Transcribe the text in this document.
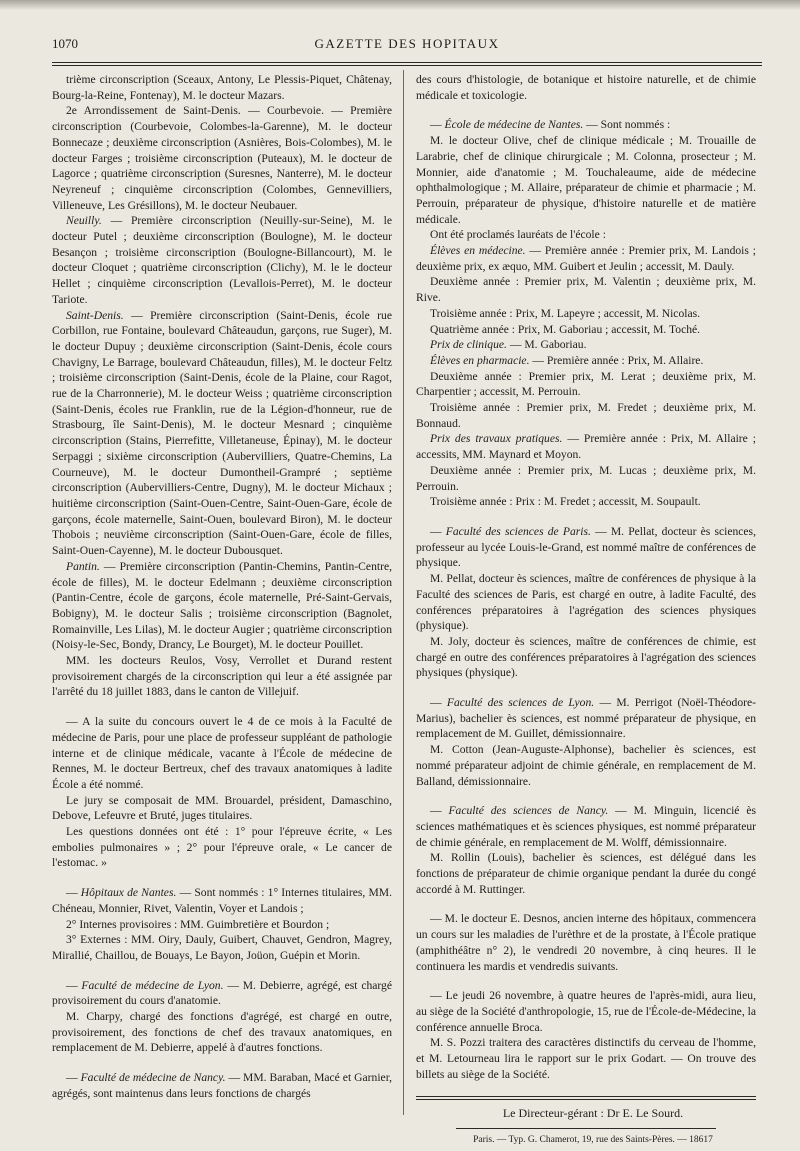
1070	GAZETTE DES HOPITAUX

trième circonscription (Sceaux, Antony, Le Plessis-Piquet, Châtenay, Bourg-la-Reine, Fontenay), M. le docteur Mazars.

2e Arrondissement de Saint-Denis. — Courbevoie. — Première circonscription (Courbevoie, Colombes-la-Garenne), M. le docteur Bonnecaze ; deuxième circonscription (Asnières, Bois-Colombes), M. le docteur Farges ; troisième circonscription (Puteaux), M. le docteur de Lagorce ; quatrième circonscription (Suresnes, Nanterre), M. le docteur Neyreneuf ; cinquième circonscription (Colombes, Gennevilliers, Villeneuve, Les Grésillons), M. le docteur Neubauer.

Neuilly. — Première circonscription (Neuilly-sur-Seine), M. le docteur Putel ; deuxième circonscription (Boulogne), M. le docteur Besançon ; troisième circonscription (Boulogne-Billancourt), M. le docteur Cloquet ; quatrième circonscription (Clichy), M. le le docteur Hellet ; cinquième circonscription (Levallois-Perret), M. le docteur Tariote.

Saint-Denis. — Première circonscription (Saint-Denis, école rue Corbillon, rue Fontaine, boulevard Châteaudun, garçons, rue Suger), M. le docteur Dupuy ; deuxième circonscription (Saint-Denis, école cours Chavigny, Le Barrage, boulevard Châteaudun, filles), M. le docteur Feltz ; troisième circonscription (Saint-Denis, école de la Plaine, cour Ragot, rue de la Charronnerie), M. le docteur Weiss ; quatrième circonscription (Saint-Denis, écoles rue Franklin, rue de la Légion-d'honneur, rue de Strasbourg, île Saint-Denis), M. le docteur Mesnard ; cinquième circonscription (Stains, Pierrefitte, Villetaneuse, Épinay), M. le docteur Serpaggi ; sixième circonscription (Aubervilliers, Quatre-Chemins, La Courneuve), M. le docteur Dumontheil-Grampré ; septième circonscription (Aubervilliers-Centre, Dugny), M. le docteur Michaux ; huitième circonscription (Saint-Ouen-Centre, Saint-Ouen-Gare, école de garçons, école maternelle, Saint-Ouen, boulevard Biron), M. le docteur Thobois ; neuvième circonscription (Saint-Ouen-Gare, école de filles, Saint-Ouen-Cayenne), M. le docteur Dubousquet.

Pantin. — Première circonscription (Pantin-Chemins, Pantin-Centre, école de filles), M. le docteur Edelmann ; deuxième circonscription (Pantin-Centre, école de garçons, école maternelle, Pré-Saint-Gervais, Bobigny), M. le docteur Salis ; troisième circonscription (Bagnolet, Romainville, Les Lilas), M. le docteur Augier ; quatrième circonscription (Noisy-le-Sec, Bondy, Drancy, Le Bourget), M. le docteur Pouillet.

MM. les docteurs Reulos, Vosy, Verrollet et Durand restent provisoirement chargés de la circonscription qui leur a été assignée par l'arrêté du 18 juillet 1883, dans le canton de Villejuif.

— A la suite du concours ouvert le 4 de ce mois à la Faculté de médecine de Paris, pour une place de professeur suppléant de pathologie interne et de clinique médicale, vacante à l'École de médecine de Rennes, M. le docteur Bertreux, chef des travaux anatomiques à ladite École a été nommé.

Le jury se composait de MM. Brouardel, président, Damaschino, Debove, Lefeuvre et Bruté, juges titulaires.

Les questions données ont été : 1° pour l'épreuve écrite, « Les embolies pulmonaires » ; 2° pour l'épreuve orale, « Le cancer de l'estomac. »

— Hôpitaux de Nantes. — Sont nommés : 1° Internes titulaires, MM. Chéneau, Monnier, Rivet, Valentin, Voyer et Landois ;

2° Internes provisoires : MM. Guimbretière et Bourdon ;

3° Externes : MM. Oiry, Dauly, Guibert, Chauvet, Gendron, Magrey, Mirallié, Chaillou, de Bouays, Le Bayon, Joüon, Guépin et Morin.

— Faculté de médecine de Lyon. — M. Debierre, agrégé, est chargé provisoirement du cours d'anatomie.

M. Charpy, chargé des fonctions d'agrégé, est chargé en outre, provisoirement, des fonctions de chef des travaux anatomiques, en remplacement de M. Debierre, appelé à d'autres fonctions.

— Faculté de médecine de Nancy. — MM. Baraban, Macé et Garnier, agrégés, sont maintenus dans leurs fonctions de chargés

des cours d'histologie, de botanique et histoire naturelle, et de chimie médicale et toxicologie.

— École de médecine de Nantes. — Sont nommés :

M. le docteur Olive, chef de clinique médicale ; M. Trouaille de Larabrie, chef de clinique chirurgicale ; M. Colonna, prosecteur ; M. Monnier, aide d'anatomie ; M. Touchaleaume, aide de médecine ophthalmologique ; M. Allaire, préparateur de chimie et pharmacie ; M. Perrouin, préparateur de physique, d'histoire naturelle et de matière médicale.

Ont été proclamés lauréats de l'école :

Élèves en médecine. — Première année : Premier prix, M. Landois ; deuxième prix, ex æquo, MM. Guibert et Jeulin ; accessit, M. Dauly.

Deuxième année : Premier prix, M. Valentin ; deuxième prix, M. Rive.

Troisième année : Prix, M. Lapeyre ; accessit, M. Nicolas.

Quatrième année : Prix, M. Gaboriau ; accessit, M. Toché.

Prix de clinique. — M. Gaboriau.

Élèves en pharmacie. — Première année : Prix, M. Allaire.

Deuxième année : Premier prix, M. Lerat ; deuxième prix, M. Charpentier ; accessit, M. Perrouin.

Troisième année : Premier prix, M. Fredet ; deuxième prix, M. Bonnaud.

Prix des travaux pratiques. — Première année : Prix, M. Allaire ; accessits, MM. Maynard et Moyon.

Deuxième année : Premier prix, M. Lucas ; deuxième prix, M. Perrouin.

Troisième année : Prix : M. Fredet ; accessit, M. Soupault.

— Faculté des sciences de Paris. — M. Pellat, docteur ès sciences, professeur au lycée Louis-le-Grand, est nommé maître de conférences de physique.

M. Pellat, docteur ès sciences, maître de conférences de physique à la Faculté des sciences de Paris, est chargé en outre, à ladite Faculté, des conférences préparatoires à l'agrégation des sciences physiques (physique).

M. Joly, docteur ès sciences, maître de conférences de chimie, est chargé en outre des conférences préparatoires à l'agrégation des sciences physiques (physique).

— Faculté des sciences de Lyon. — M. Perrigot (Noël-Théodore-Marius), bachelier ès sciences, est nommé préparateur de physique, en remplacement de M. Guillet, démissionnaire.

M. Cotton (Jean-Auguste-Alphonse), bachelier ès sciences, est nommé préparateur adjoint de chimie générale, en remplacement de M. Balland, démissionnaire.

— Faculté des sciences de Nancy. — M. Minguin, licencié ès sciences mathématiques et ès sciences physiques, est nommé préparateur de chimie générale, en remplacement de M. Wolff, démissionnaire.

M. Rollin (Louis), bachelier ès sciences, est délégué dans les fonctions de préparateur de chimie organique pendant la durée du congé accordé à M. Ruttinger.

— M. le docteur E. Desnos, ancien interne des hôpitaux, commencera un cours sur les maladies de l'urèthre et de la prostate, à l'École pratique (amphithéâtre n° 2), le vendredi 20 novembre, à cinq heures. Il le continuera les mardis et vendredis suivants.

— Le jeudi 26 novembre, à quatre heures de l'après-midi, aura lieu, au siège de la Société d'anthropologie, 15, rue de l'École-de-Médecine, la conférence annuelle Broca.

M. S. Pozzi traitera des caractères distinctifs du cerveau de l'homme, et M. Letourneau lira le rapport sur le prix Godart. — On trouve des billets au siège de la Société.

Le Directeur-gérant : Dr E. Le Sourd.

Paris. — Typ. G. Chamerot, 19, rue des Saints-Pères. — 18617
